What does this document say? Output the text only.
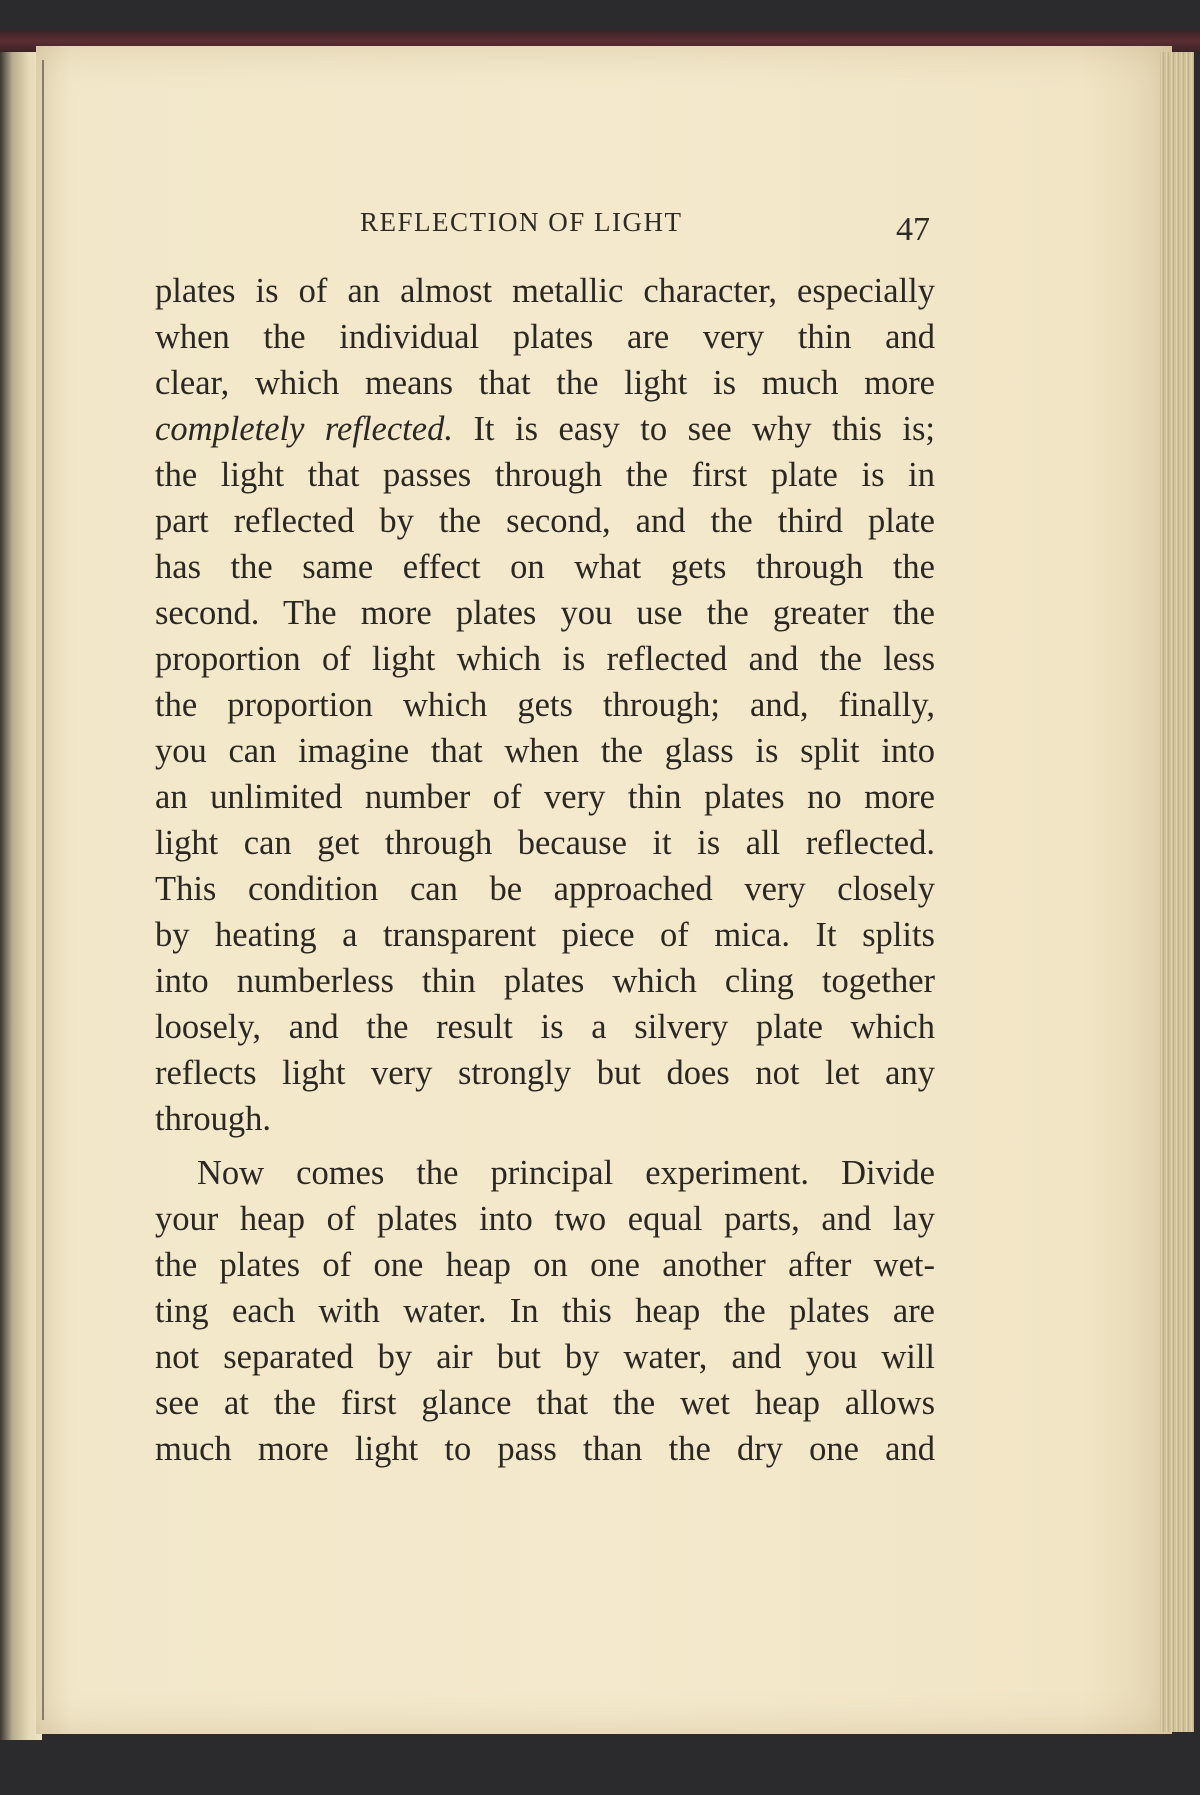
REFLECTION OF LIGHT	47
plates is of an almost metallic character, especially
when the individual plates are very thin and
clear, which means that the light is much more
completely reflected. It is easy to see why this is;
the light that passes through the first plate is in
part reflected by the second, and the third plate
has the same effect on what gets through the
second. The more plates you use the greater the
proportion of light which is reflected and the less
the proportion which gets through; and, finally,
you can imagine that when the glass is split into
an unlimited number of very thin plates no more
light can get through because it is all reflected.
This condition can be approached very closely
by heating a transparent piece of mica. It splits
into numberless thin plates which cling together
loosely, and the result is a silvery plate which
reflects light very strongly but does not let any
through.
Now comes the principal experiment. Divide
your heap of plates into two equal parts, and lay
the plates of one heap on one another after wet-
ting each with water. In this heap the plates are
not separated by air but by water, and you will
see at the first glance that the wet heap allows
much more light to pass than the dry one and
